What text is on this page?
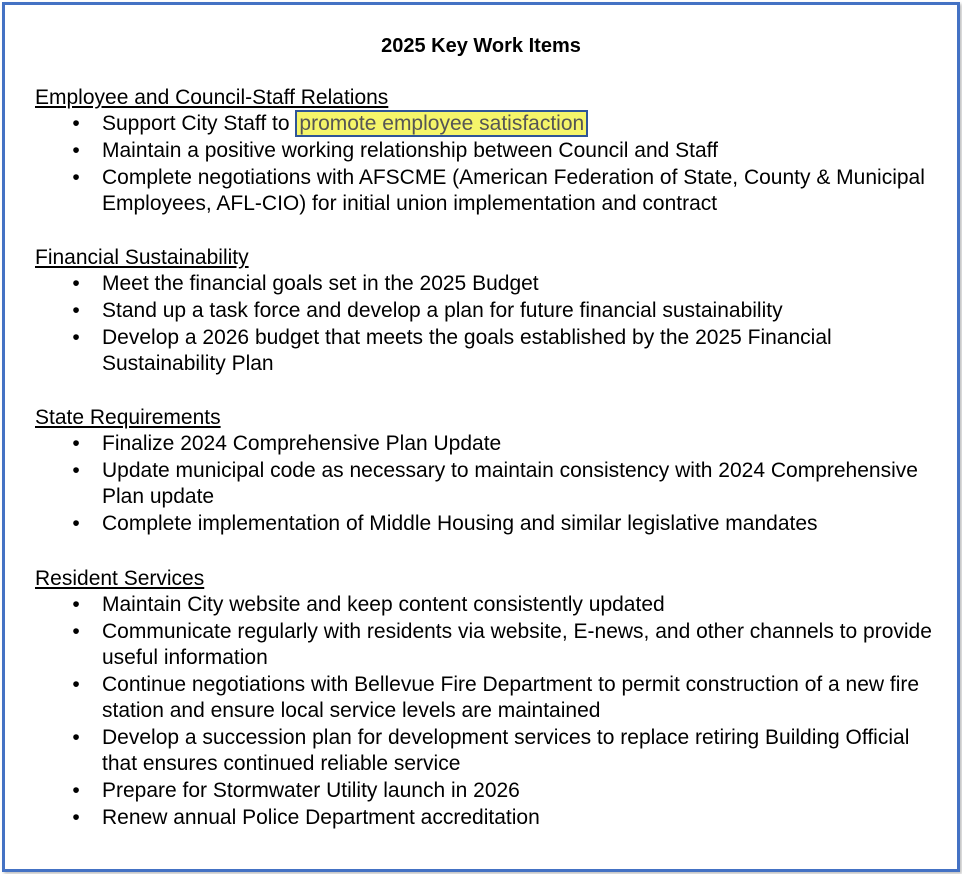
2025 Key Work Items
Employee and Council-Staff Relations
• Support City Staff to promote employee satisfaction
• Maintain a positive working relationship between Council and Staff
• Complete negotiations with AFSCME (American Federation of State, County & Municipal Employees, AFL-CIO) for initial union implementation and contract
Financial Sustainability
• Meet the financial goals set in the 2025 Budget
• Stand up a task force and develop a plan for future financial sustainability
• Develop a 2026 budget that meets the goals established by the 2025 Financial Sustainability Plan
State Requirements
• Finalize 2024 Comprehensive Plan Update
• Update municipal code as necessary to maintain consistency with 2024 Comprehensive Plan update
• Complete implementation of Middle Housing and similar legislative mandates
Resident Services
• Maintain City website and keep content consistently updated
• Communicate regularly with residents via website, E-news, and other channels to provide useful information
• Continue negotiations with Bellevue Fire Department to permit construction of a new fire station and ensure local service levels are maintained
• Develop a succession plan for development services to replace retiring Building Official that ensures continued reliable service
• Prepare for Stormwater Utility launch in 2026
• Renew annual Police Department accreditation
